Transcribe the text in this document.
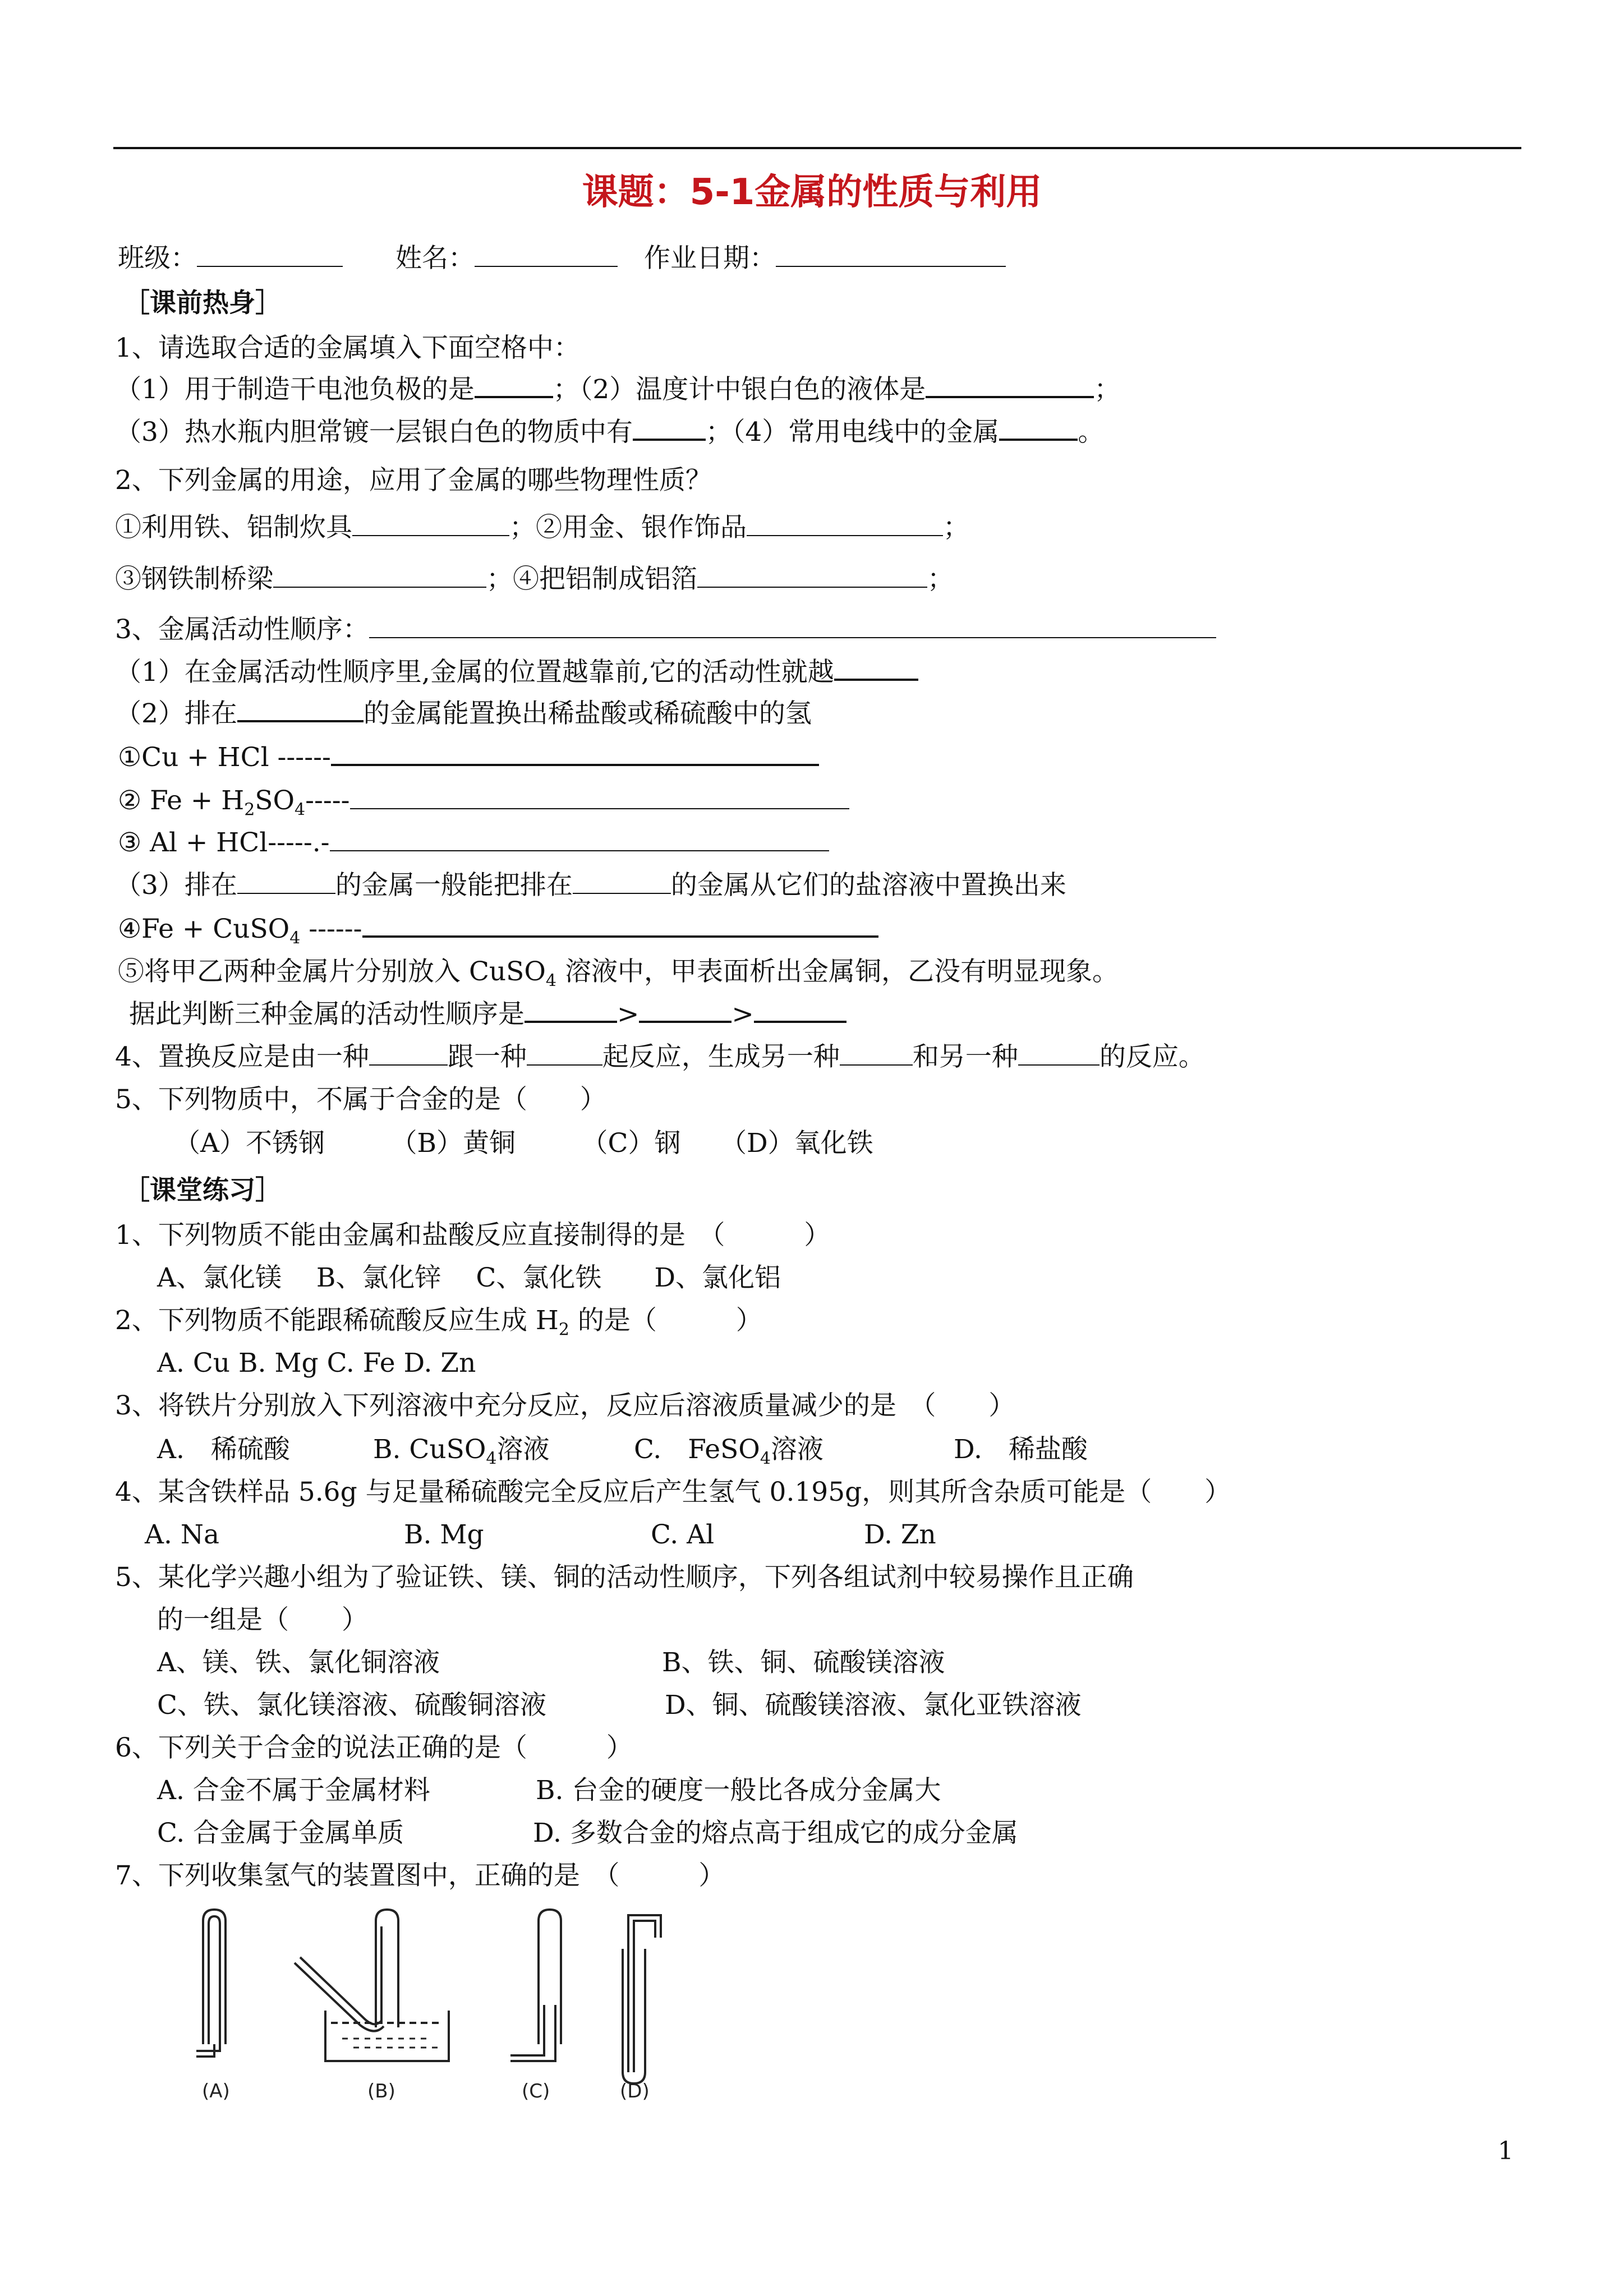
课题：5-1金属的性质与利用
班级：　　	姓名：　	作业日期：
［课前热身］
1、请选取合适的金属填入下面空格中：
（1）用于制造干电池负极的是	；（2）温度计中银白色的液体是	；
（3）热水瓶内胆常镀一层银白色的物质中有	；（4）常用电线中的金属	。
2、下列金属的用途，应用了金属的哪些物理性质？
①利用铁、铝制炊具	；②用金、银作饰品	；
③钢铁制桥梁	；④把铝制成铝箔	；
3、金属活动性顺序：
（1）在金属活动性顺序里,金属的位置越靠前,它的活动性就越
（2）排在	的金属能置换出稀盐酸或稀硫酸中的氢
①Cu + HCl ------
② $Fe + H_2SO_4-----$
③ Al + HCl-----.-
（3）排在	的金属一般能把排在	的金属从它们的盐溶液中置换出来
④Fe + CuSO$_4$ ------
⑤将甲乙两种金属片分别放入 CuSO$_4$ 溶液中，甲表面析出金属铜，乙没有明显现象。
据此判断三种金属的活动性顺序是	>	>
4、置换反应是由一种	跟一种	起反应，生成另一种	和另一种	的反应。
5、下列物质中，不属于合金的是（　　）
（A）不锈钢　　　（B）黄铜　　　（C）钢　　（D）氧化铁
［课堂练习］
1、下列物质不能由金属和盐酸反应直接制得的是　（　　　）
A、氯化镁　 B、氯化锌　 C、氯化铁　　D、氯化铝
2、下列物质不能跟稀硫酸反应生成 $H_2$ 的是（　　　）
A. Cu B. Mg C. Fe D. Zn
3、将铁片分别放入下列溶液中充分反应，反应后溶液质量减少的是　（　　）
A.　稀硫酸	B. CuSO$_4$溶液	C.　FeSO$_4$溶液	D.　稀盐酸
4、某含铁样品 5.6g 与足量稀硫酸完全反应后产生氢气 0.195g，则其所含杂质可能是（　　）
A. Na	B. Mg	C. Al	D. Zn
5、某化学兴趣小组为了验证铁、镁、铜的活动性顺序，下列各组试剂中较易操作且正确
的一组是（　　）
A、镁、铁、氯化铜溶液	B、铁、铜、硫酸镁溶液
C、铁、氯化镁溶液、硫酸铜溶液	D、铜、硫酸镁溶液、氯化亚铁溶液
6、下列关于合金的说法正确的是（　　　）
A. 合金不属于金属材料	B. 台金的硬度一般比各成分金属大
C. 合金属于金属单质	D. 多数合金的熔点高于组成它的成分金属
7、下列收集氢气的装置图中，正确的是　（　　　）
(A)	(B)	(C)	(D)
1
